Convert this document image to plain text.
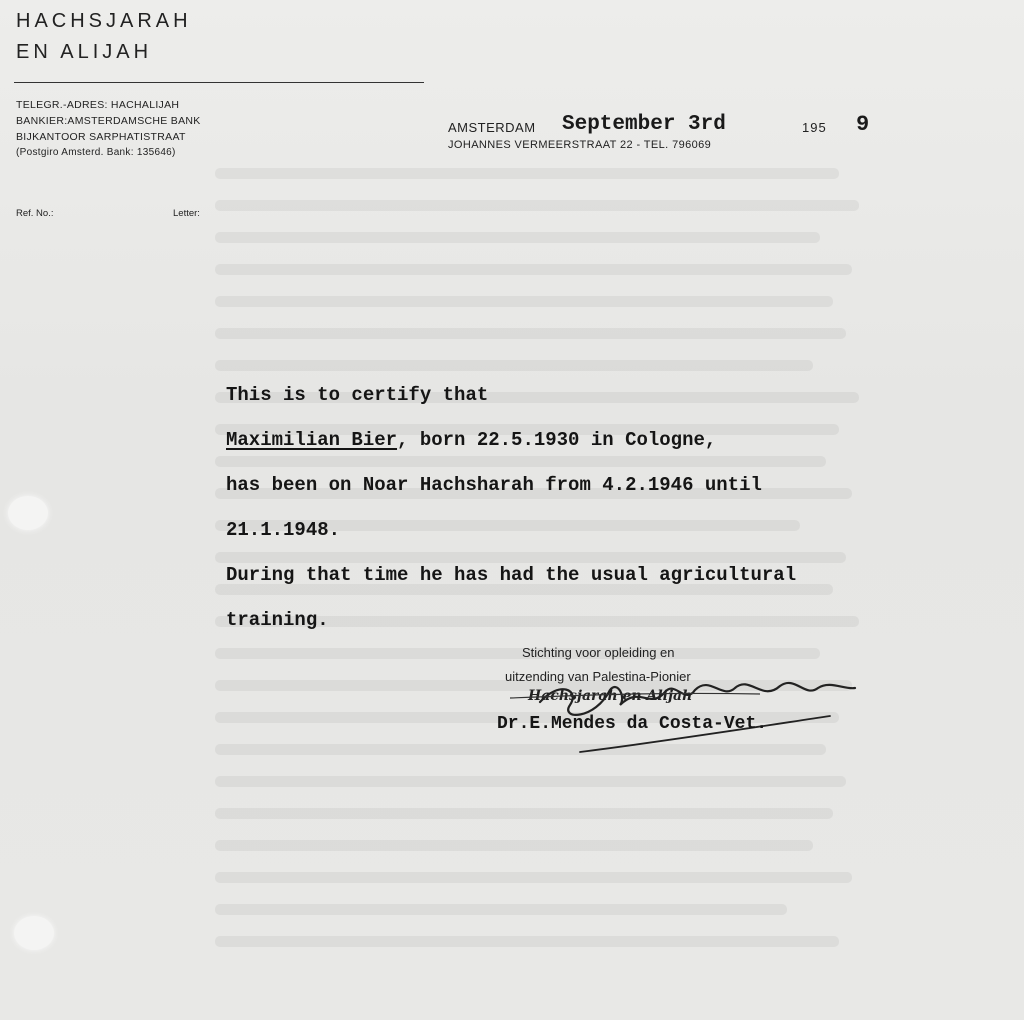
HACHSJARAH
EN ALIJAH
TELEGR.-ADRES: HACHALIJAH
BANKIER:AMSTERDAMSCHE BANK
BIJKANTOOR SARPHATISTRAAT
(Postgiro Amsterd. Bank: 135646)
Ref. No.:	Letter:
AMSTERDAM September 3rd	195 9
JOHANNES VERMEERSTRAAT 22 - TEL. 796069

This is to certify that

Maximilian Bier, born 22.5.1930 in Cologne,

has been on Noar Hachsharah from 4.2.1946 until

21.1.1948.

During that time he has had the usual agricultural

training.

Stichting voor opleiding en
uitzending van Palestina-Pionier
Hachsjarah en Alijah
Dr.E.Mendes da Costa-Vet.
